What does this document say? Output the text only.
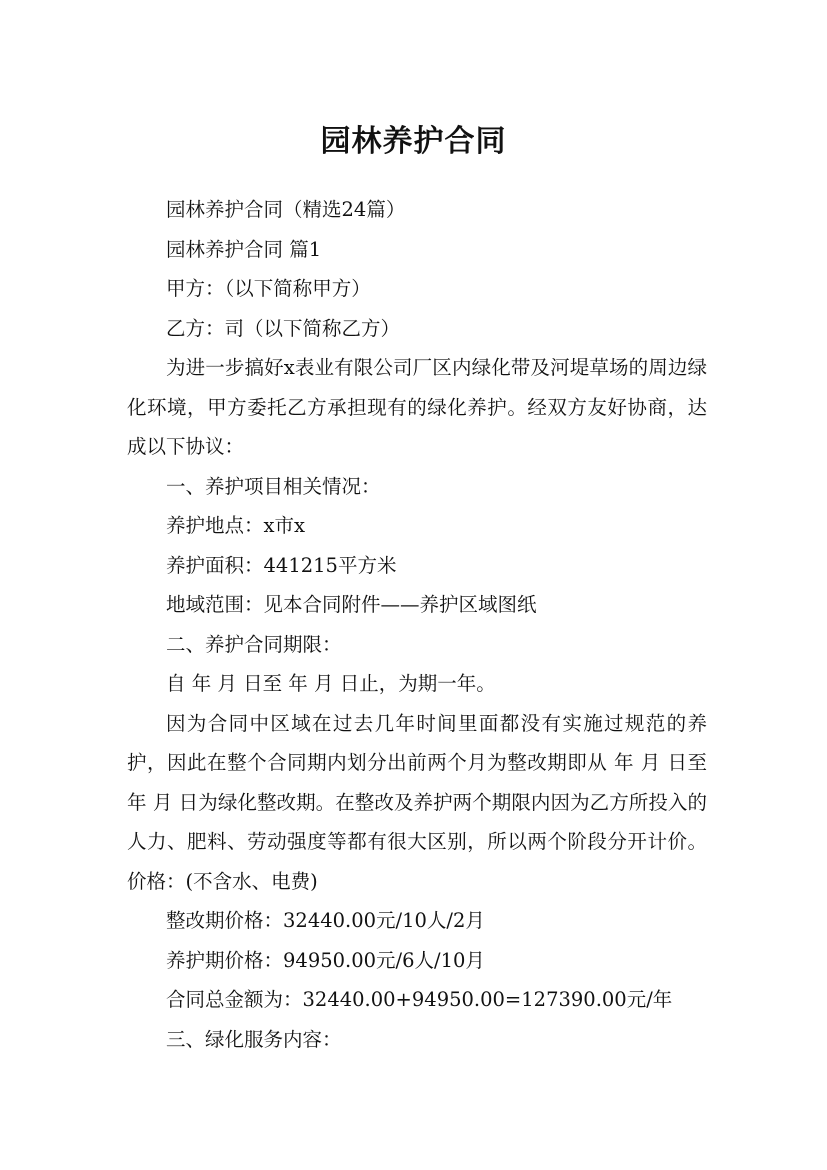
园林养护合同

园林养护合同（精选24篇）

园林养护合同 篇1

甲方：（以下简称甲方）

乙方：司（以下简称乙方）

为进一步搞好x表业有限公司厂区内绿化带及河堤草场的周边绿化环境，甲方委托乙方承担现有的绿化养护。经双方友好协商，达成以下协议：

一、养护项目相关情况：

养护地点：x市x

养护面积：441215平方米

地域范围：见本合同附件——养护区域图纸

二、养护合同期限：

自 年 月 日至 年 月 日止，为期一年。

因为合同中区域在过去几年时间里面都没有实施过规范的养护，因此在整个合同期内划分出前两个月为整改期即从 年 月 日至 年 月 日为绿化整改期。在整改及养护两个期限内因为乙方所投入的人力、肥料、劳动强度等都有很大区别，所以两个阶段分开计价。 价格：(不含水、电费)

整改期价格：32440.00元/10人/2月

养护期价格：94950.00元/6人/10月

合同总金额为：32440.00+94950.00=127390.00元/年

三、绿化服务内容：
